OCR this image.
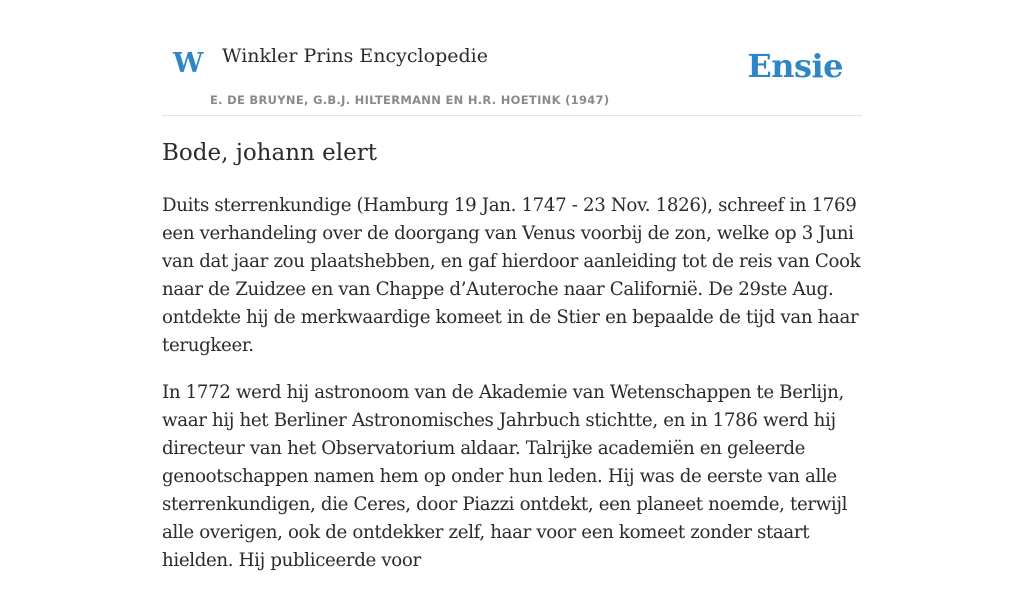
W Winkler Prins Encyclopedie
E. DE BRUYNE, G.B.J. HILTERMANN EN H.R. HOETINK (1947)
Ensie
Bode, johann elert

Duits sterrenkundige (Hamburg 19 Jan. 1747 - 23 Nov. 1826), schreef in 1769 een verhandeling over de doorgang van Venus voorbij de zon, welke op 3 Juni van dat jaar zou plaatshebben, en gaf hierdoor aanleiding tot de reis van Cook naar de Zuidzee en van Chappe d’Auteroche naar Californië. De 29ste Aug. ontdekte hij de merkwaardige komeet in de Stier en bepaalde de tijd van haar terugkeer.

In 1772 werd hij astronoom van de Akademie van Wetenschappen te Berlijn, waar hij het Berliner Astronomisches Jahrbuch stichtte, en in 1786 werd hij directeur van het Observatorium aldaar. Talrijke academiën en geleerde genootschappen namen hem op onder hun leden. Hij was de eerste van alle sterrenkundigen, die Ceres, door Piazzi ontdekt, een planeet noemde, terwijl alle overigen, ook de ontdekker zelf, haar voor een komeet zonder staart hielden. Hij publiceerde voor
